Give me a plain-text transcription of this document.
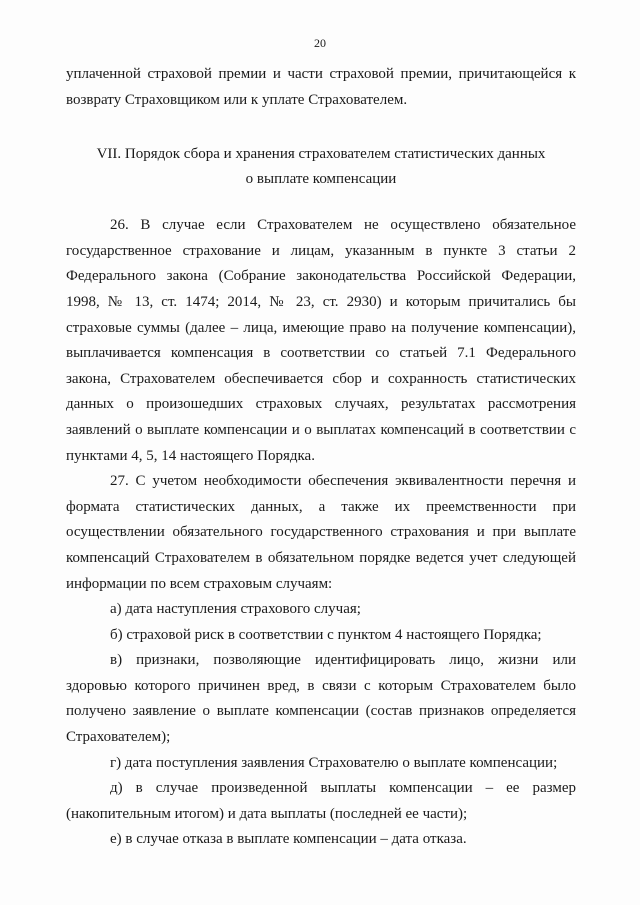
20

уплаченной страховой премии и части страховой премии, причитающейся к возврату Страховщиком или к уплате Страхователем.

VII. Порядок сбора и хранения страхователем статистических данных
о выплате компенсации

26. В случае если Страхователем не осуществлено обязательное государственное страхование и лицам, указанным в пункте 3 статьи 2 Федерального закона (Собрание законодательства Российской Федерации, 1998, № 13, ст. 1474; 2014, № 23, ст. 2930) и которым причитались бы страховые суммы (далее – лица, имеющие право на получение компенсации), выплачивается компенсация в соответствии со статьей 7.1 Федерального закона, Страхователем обеспечивается сбор и сохранность статистических данных о произошедших страховых случаях, результатах рассмотрения заявлений о выплате компенсации и о выплатах компенсаций в соответствии с пунктами 4, 5, 14 настоящего Порядка.

27. С учетом необходимости обеспечения эквивалентности перечня и формата статистических данных, а также их преемственности при осуществлении обязательного государственного страхования и при выплате компенсаций Страхователем в обязательном порядке ведется учет следующей информации по всем страховым случаям:

а) дата наступления страхового случая;

б) страховой риск в соответствии с пунктом 4 настоящего Порядка;

в) признаки, позволяющие идентифицировать лицо, жизни или здоровью которого причинен вред, в связи с которым Страхователем было получено заявление о выплате компенсации (состав признаков определяется Страхователем);

г) дата поступления заявления Страхователю о выплате компенсации;

д) в случае произведенной выплаты компенсации – ее размер (накопительным итогом) и дата выплаты (последней ее части);

е) в случае отказа в выплате компенсации – дата отказа.
